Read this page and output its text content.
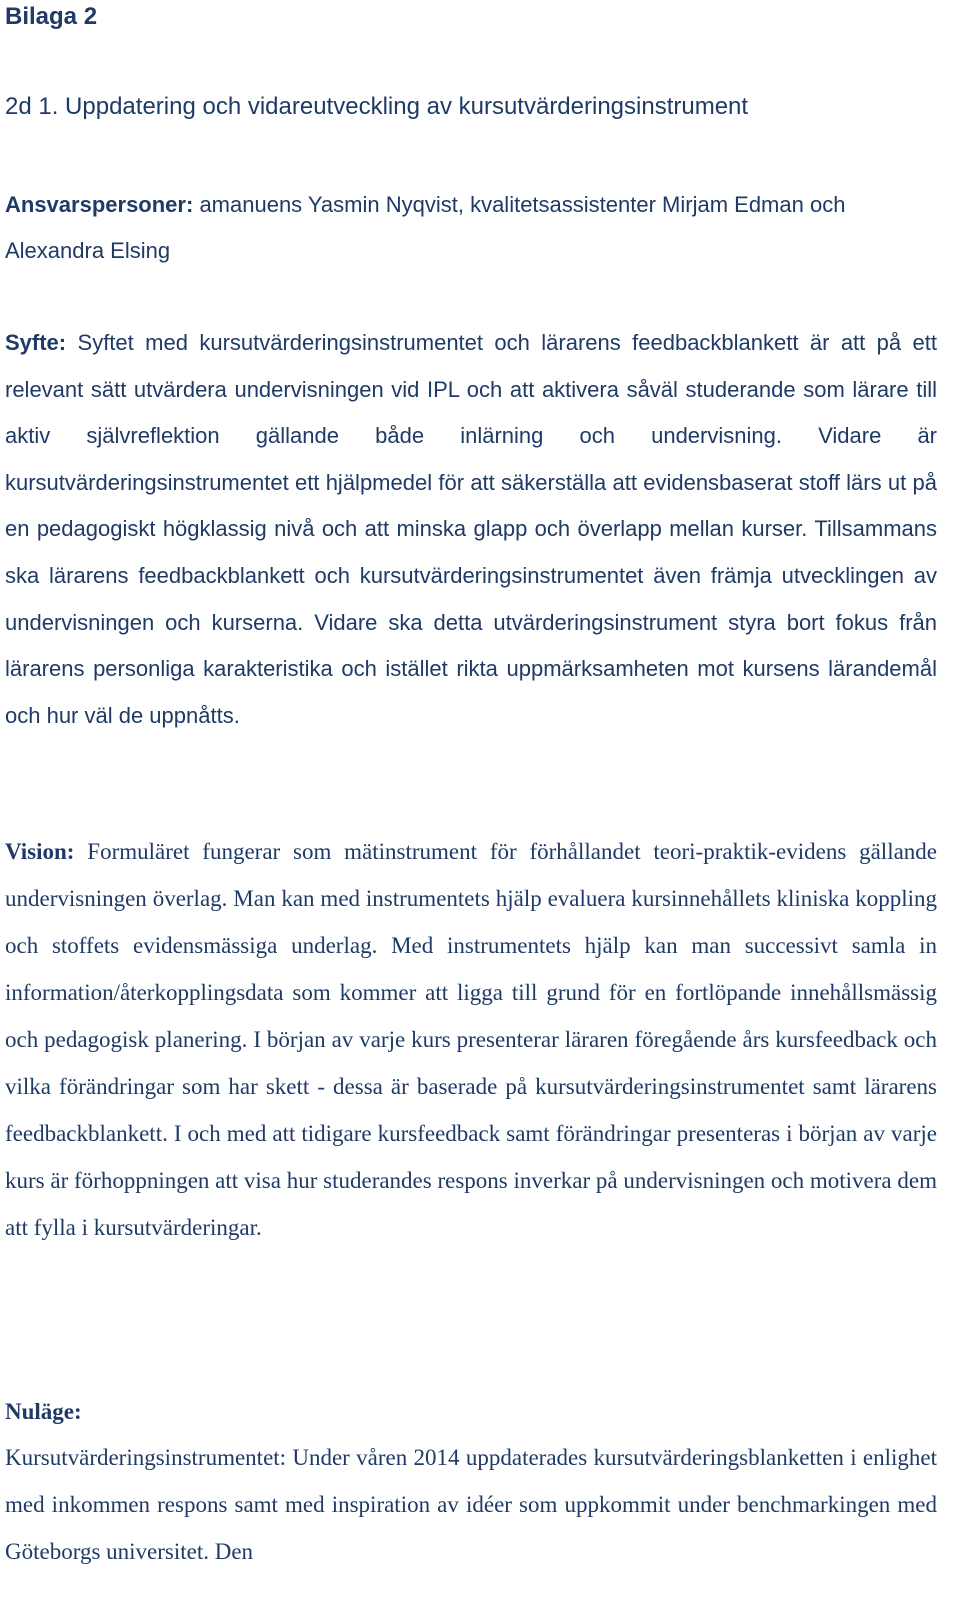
Bilaga 2
2d 1. Uppdatering och vidareutveckling av kursutvärderingsinstrument

Ansvarspersoner: amanuens Yasmin Nyqvist, kvalitetsassistenter Mirjam Edman och Alexandra Elsing

Syfte: Syftet med kursutvärderingsinstrumentet och lärarens feedbackblankett är att på ett relevant sätt utvärdera undervisningen vid IPL och att aktivera såväl studerande som lärare till aktiv självreflektion gällande både inlärning och undervisning. Vidare är kursutvärderingsinstrumentet ett hjälpmedel för att säkerställa att evidensbaserat stoff lärs ut på en pedagogiskt högklassig nivå och att minska glapp och överlapp mellan kurser. Tillsammans ska lärarens feedbackblankett och kursutvärderingsinstrumentet även främja utvecklingen av undervisningen och kurserna. Vidare ska detta utvärderingsinstrument styra bort fokus från lärarens personliga karakteristika och istället rikta uppmärksamheten mot kursens lärandemål och hur väl de uppnåtts.

Vision: Formuläret fungerar som mätinstrument för förhållandet teori-praktik-evidens gällande undervisningen överlag. Man kan med instrumentets hjälp evaluera kursinnehållets kliniska koppling och stoffets evidensmässiga underlag. Med instrumentets hjälp kan man successivt samla in information/återkopplingsdata som kommer att ligga till grund för en fortlöpande innehållsmässig och pedagogisk planering. I början av varje kurs presenterar läraren föregående års kursfeedback och vilka förändringar som har skett - dessa är baserade på kursutvärderingsinstrumentet samt lärarens feedbackblankett. I och med att tidigare kursfeedback samt förändringar presenteras i början av varje kurs är förhoppningen att visa hur studerandes respons inverkar på undervisningen och motivera dem att fylla i kursutvärderingar.

Nuläge:

Kursutvärderingsinstrumentet: Under våren 2014 uppdaterades kursutvärderingsblanketten i enlighet med inkommen respons samt med inspiration av idéer som uppkommit under benchmarkingen med Göteborgs universitet. Den
